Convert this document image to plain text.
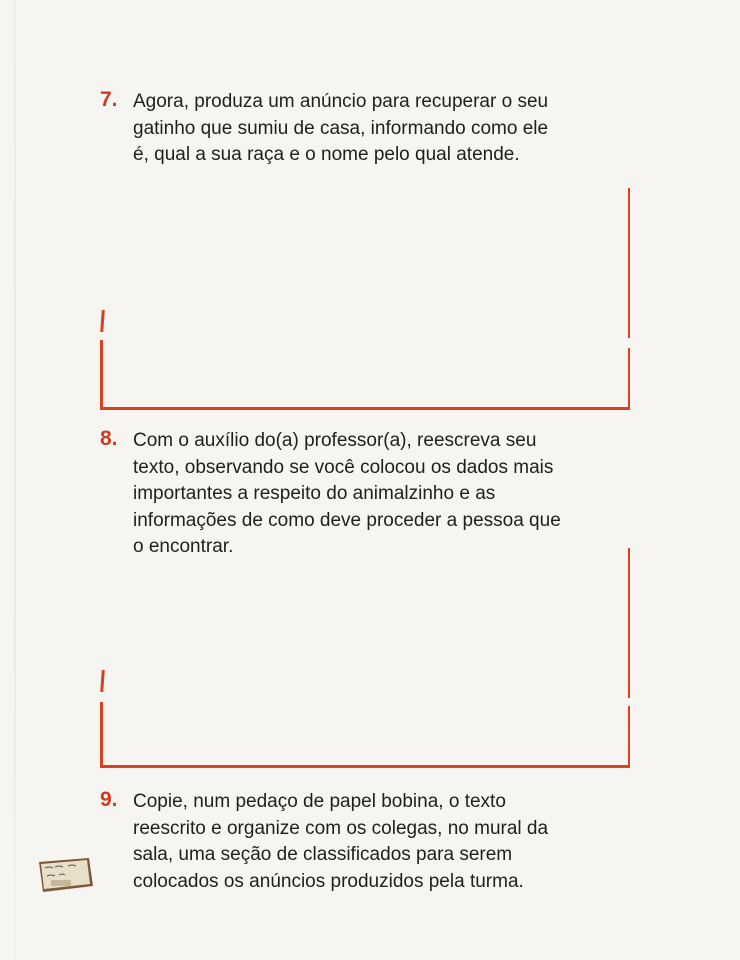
7. Agora, produza um anúncio para recuperar o seu
gatinho que sumiu de casa, informando como ele
é, qual a sua raça e o nome pelo qual atende.
8. Com o auxílio do(a) professor(a), reescreva seu
texto, observando se você colocou os dados mais
importantes a respeito do animalzinho e as
informações de como deve proceder a pessoa que
o encontrar.
9. Copie, num pedaço de papel bobina, o texto
reescrito e organize com os colegas, no mural da
sala, uma seção de classificados para serem
colocados os anúncios produzidos pela turma.
